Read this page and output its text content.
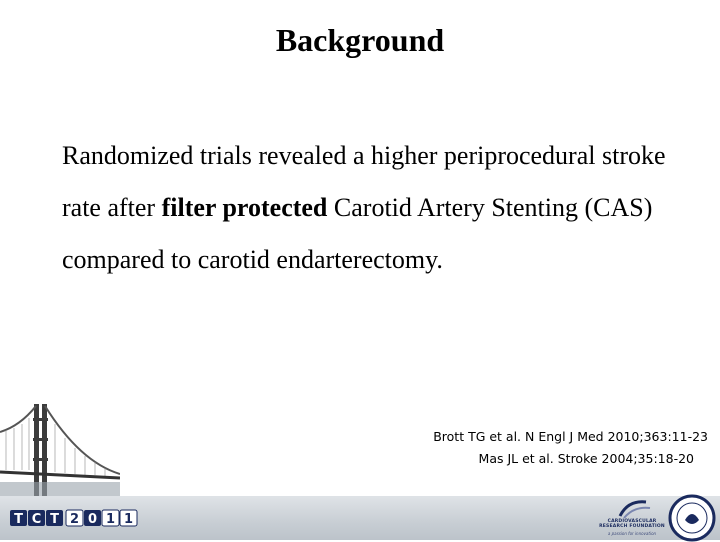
Background

Randomized trials revealed a higher periprocedural stroke rate after filter protected Carotid Artery Stenting (CAS) compared to carotid endarterectomy.

Brott TG et al. N Engl J Med 2010;363:11-23
Mas JL et al. Stroke 2004;35:18-20
T C T 2 0 1 1	CARDIOVASCULAR RESEARCH FOUNDATION
a passion for innovation
